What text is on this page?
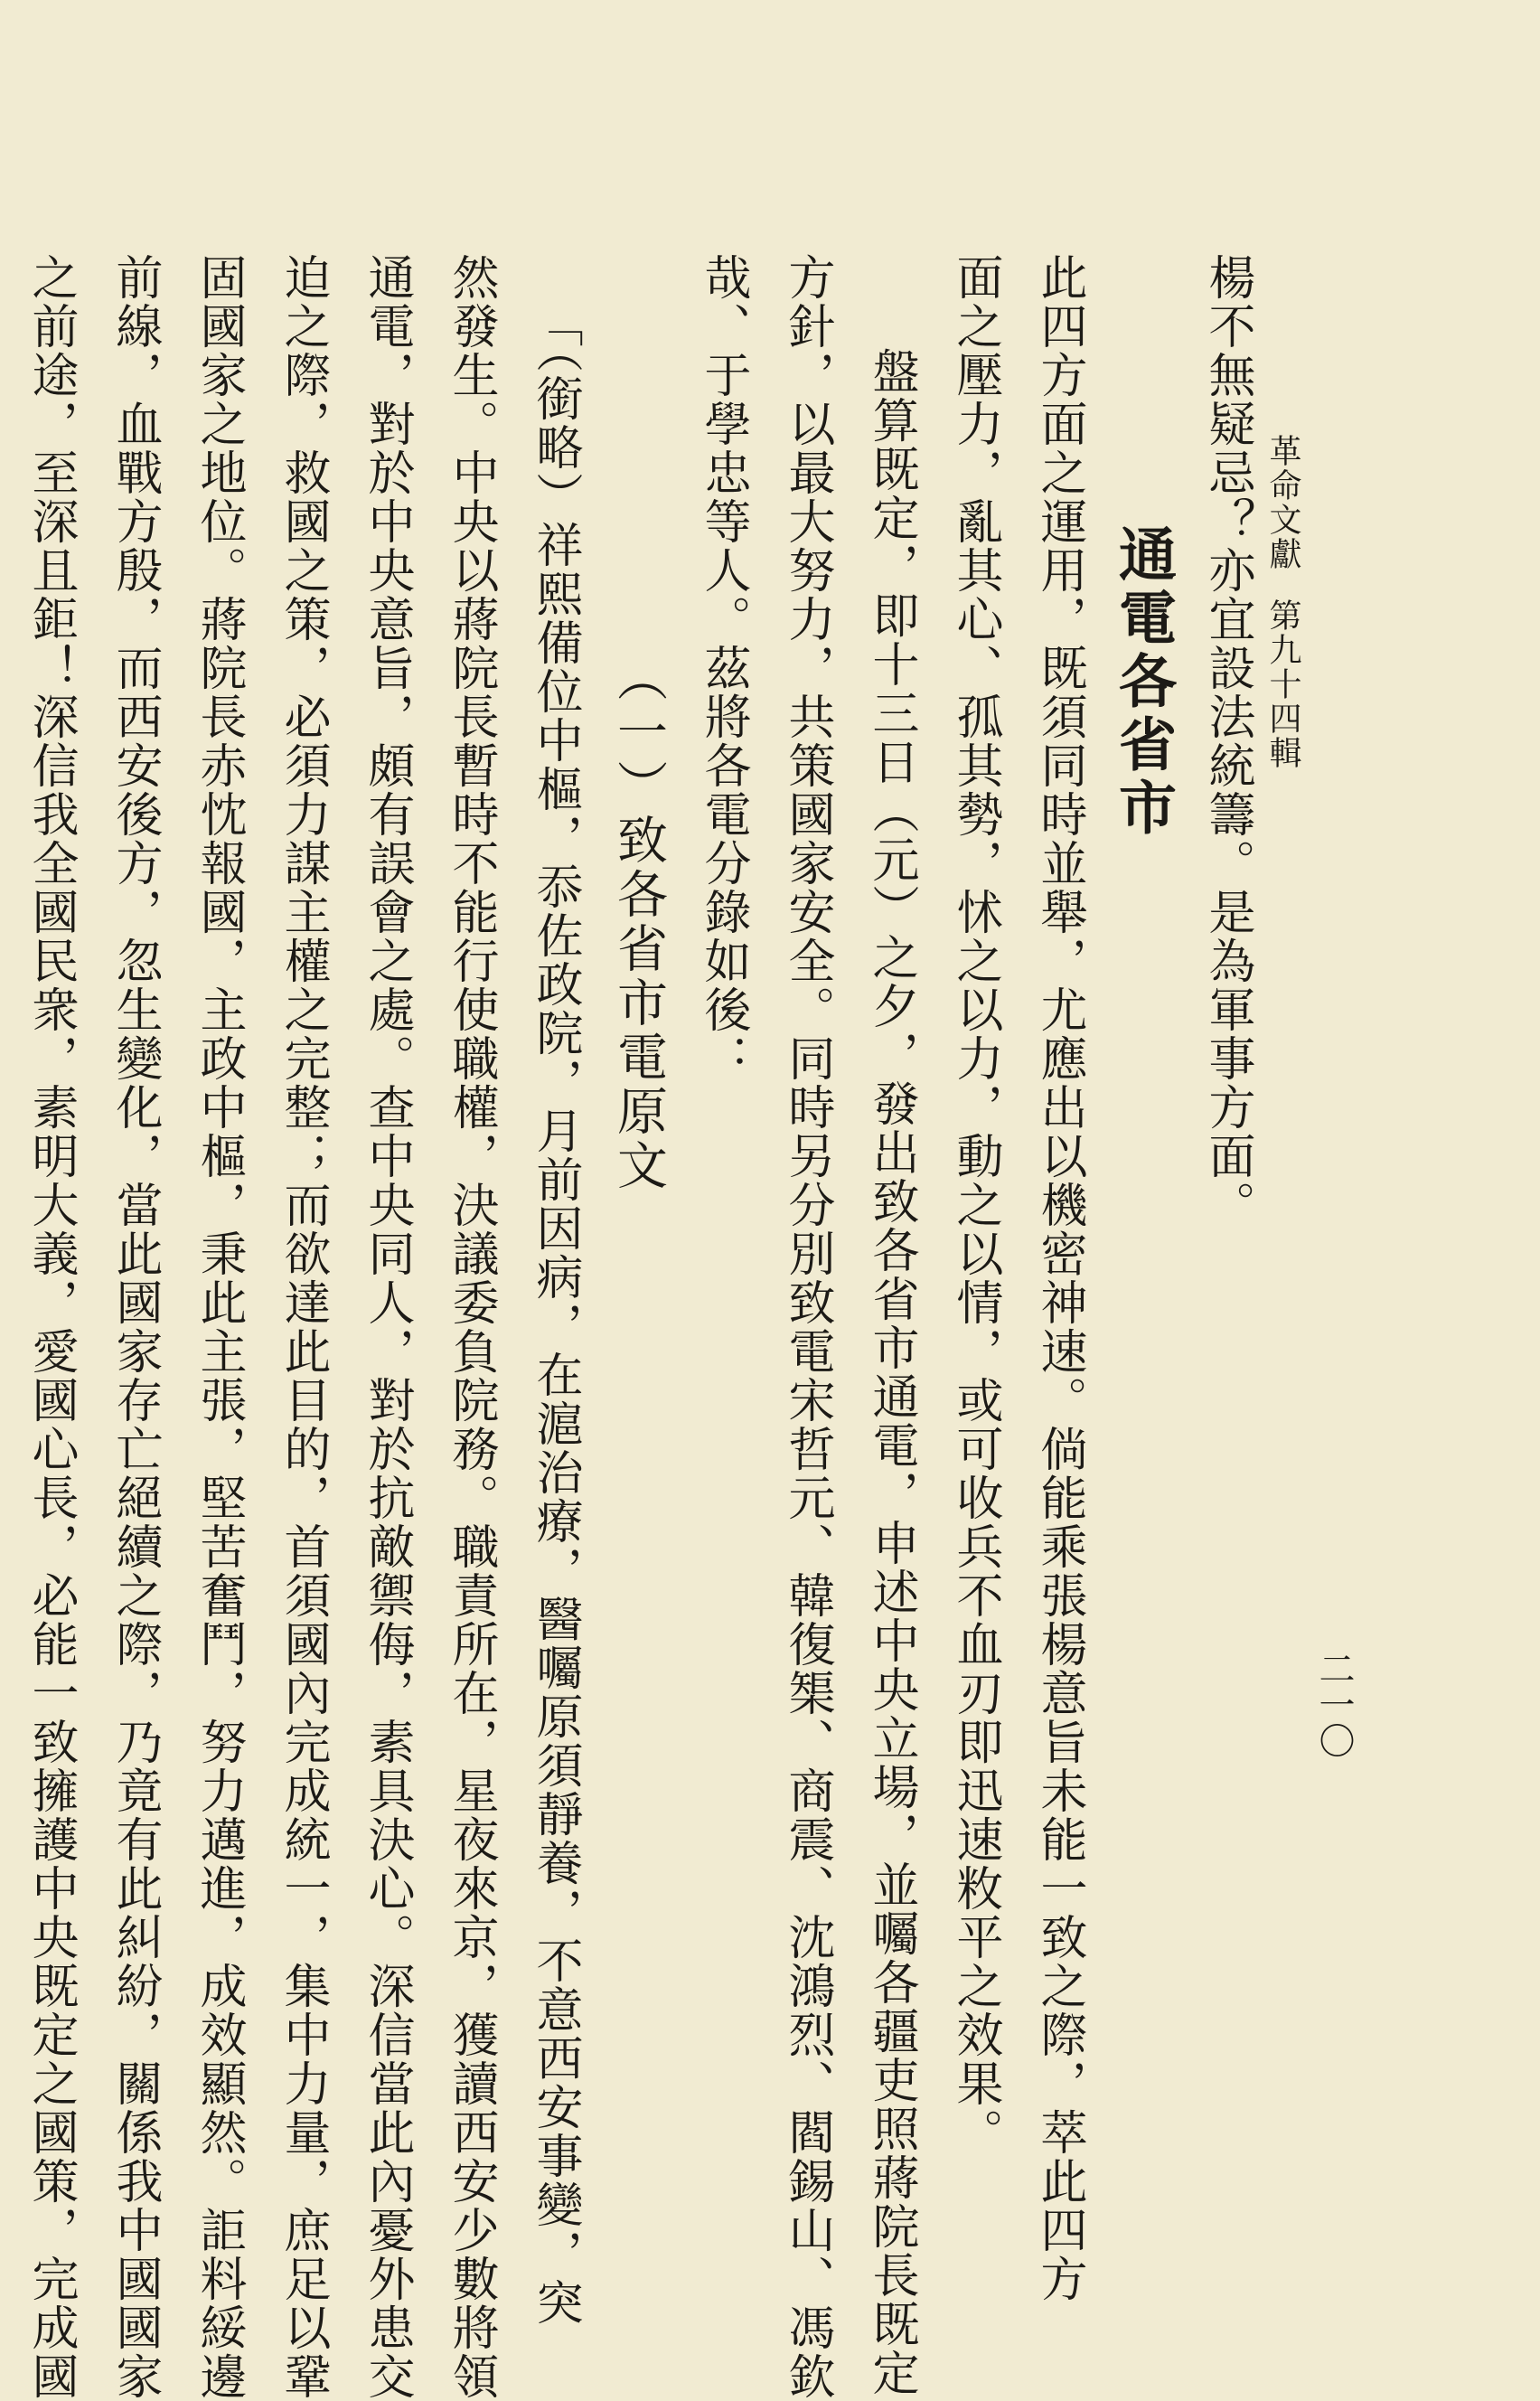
革命文獻
第九十四輯
二一〇
楊不無疑忌？亦宜設法統籌。是為軍事方面。
通電各省市
此四方面之運用，既須同時並舉，尤應出以機密神速。倘能乘張楊意旨未能一致之際，萃此四方
面之壓力，亂其心、孤其勢，怵之以力，動之以情，或可收兵不血刃即迅速敉平之效果。
盤算既定，即十三日（元）之夕，發出致各省市通電，申述中央立場，並囑各疆吏照蔣院長既定
方針，以最大努力，共策國家安全。同時另分別致電宋哲元、韓復榘、商震、沈鴻烈、閻錫山、馮欽
哉、于學忠等人。茲將各電分錄如後：
（一）致各省市電原文
「（銜略）祥熙備位中樞，忝佐政院，月前因病，在滬治療，醫囑原須靜養，不意西安事變，突
然發生。中央以蔣院長暫時不能行使職權，決議委負院務。職責所在，星夜來京，獲讀西安少數將領
通電，對於中央意旨，頗有誤會之處。查中央同人，對於抗敵禦侮，素具決心。深信當此內憂外患交
迫之際，救國之策，必須力謀主權之完整；而欲達此目的，首須國內完成統一，集中力量，庶足以鞏
固國家之地位。蔣院長赤忱報國，主政中樞，秉此主張，堅苦奮鬥，努力邁進，成效顯然。詎料綏邊
前線，血戰方殷，而西安後方，忽生變化，當此國家存亡絕續之際，乃竟有此糾紛，關係我中國國家
之前途，至深且鉅！深信我全國民衆，素明大義，愛國心長，必能一致擁護中央既定之國策，完成國
